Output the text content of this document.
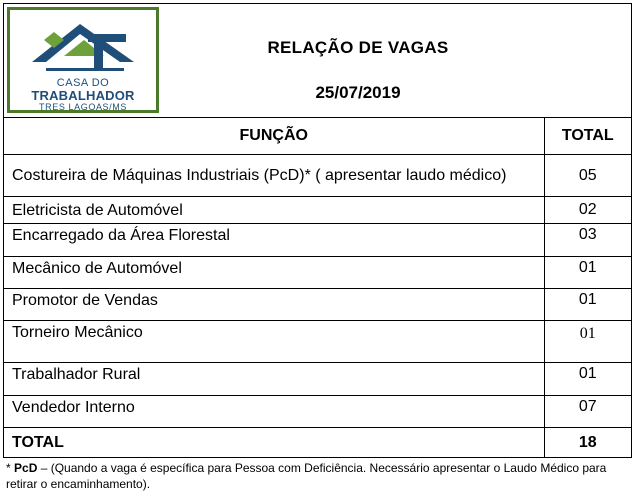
CASA DO
TRABALHADOR
TRES LAGOAS/MS
RELAÇÃO DE VAGAS
25/07/2019
FUNÇÃO	TOTAL
Costureira de Máquinas Industriais (PcD)* ( apresentar laudo médico)	05
Eletricista de Automóvel	02
Encarregado da Área Florestal	03
Mecânico de Automóvel	01
Promotor de Vendas	01
Torneiro Mecânico	01
Trabalhador Rural	01
Vendedor Interno	07
TOTAL	18
* PcD – (Quando a vaga é específica para Pessoa com Deficiência. Necessário apresentar o Laudo Médico para retirar o encaminhamento).
